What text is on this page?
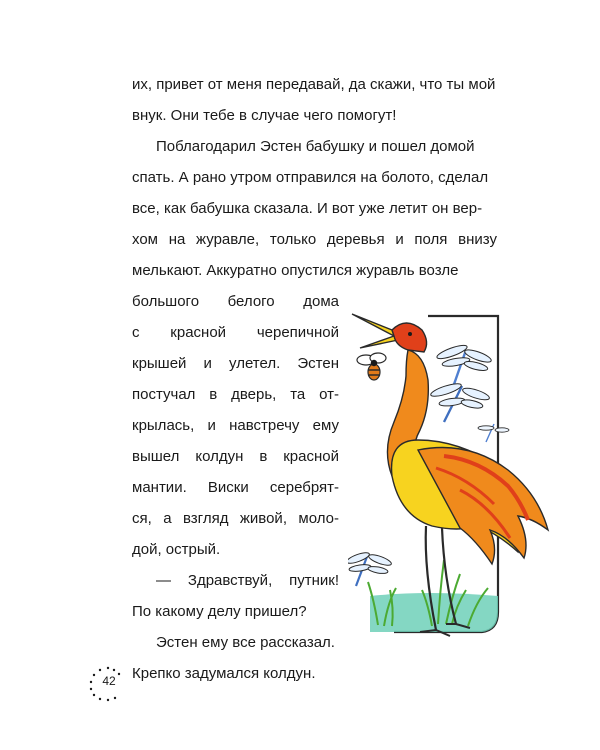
их, привет от меня передавай, да скажи, что ты мой
внук. Они тебе в случае чего помогут!
Поблагодарил Эстен бабушку и пошел домой
спать. А рано утром отправился на болото, сделал
все, как бабушка сказала. И вот уже летит он вер-
хом на журавле, только деревья и поля внизу
мелькают. Аккуратно опустился журавль возле
большого белого дома
с красной черепичной
крышей и улетел. Эстен
постучал в дверь, та от-
крылась, и навстречу ему
вышел колдун в красной
мантии. Виски серебрят-
ся, а взгляд живой, моло-
дой, острый.
— Здравствуй, путник!
По какому делу пришел?
Эстен ему все рассказал.
Крепко задумался колдун.
42
